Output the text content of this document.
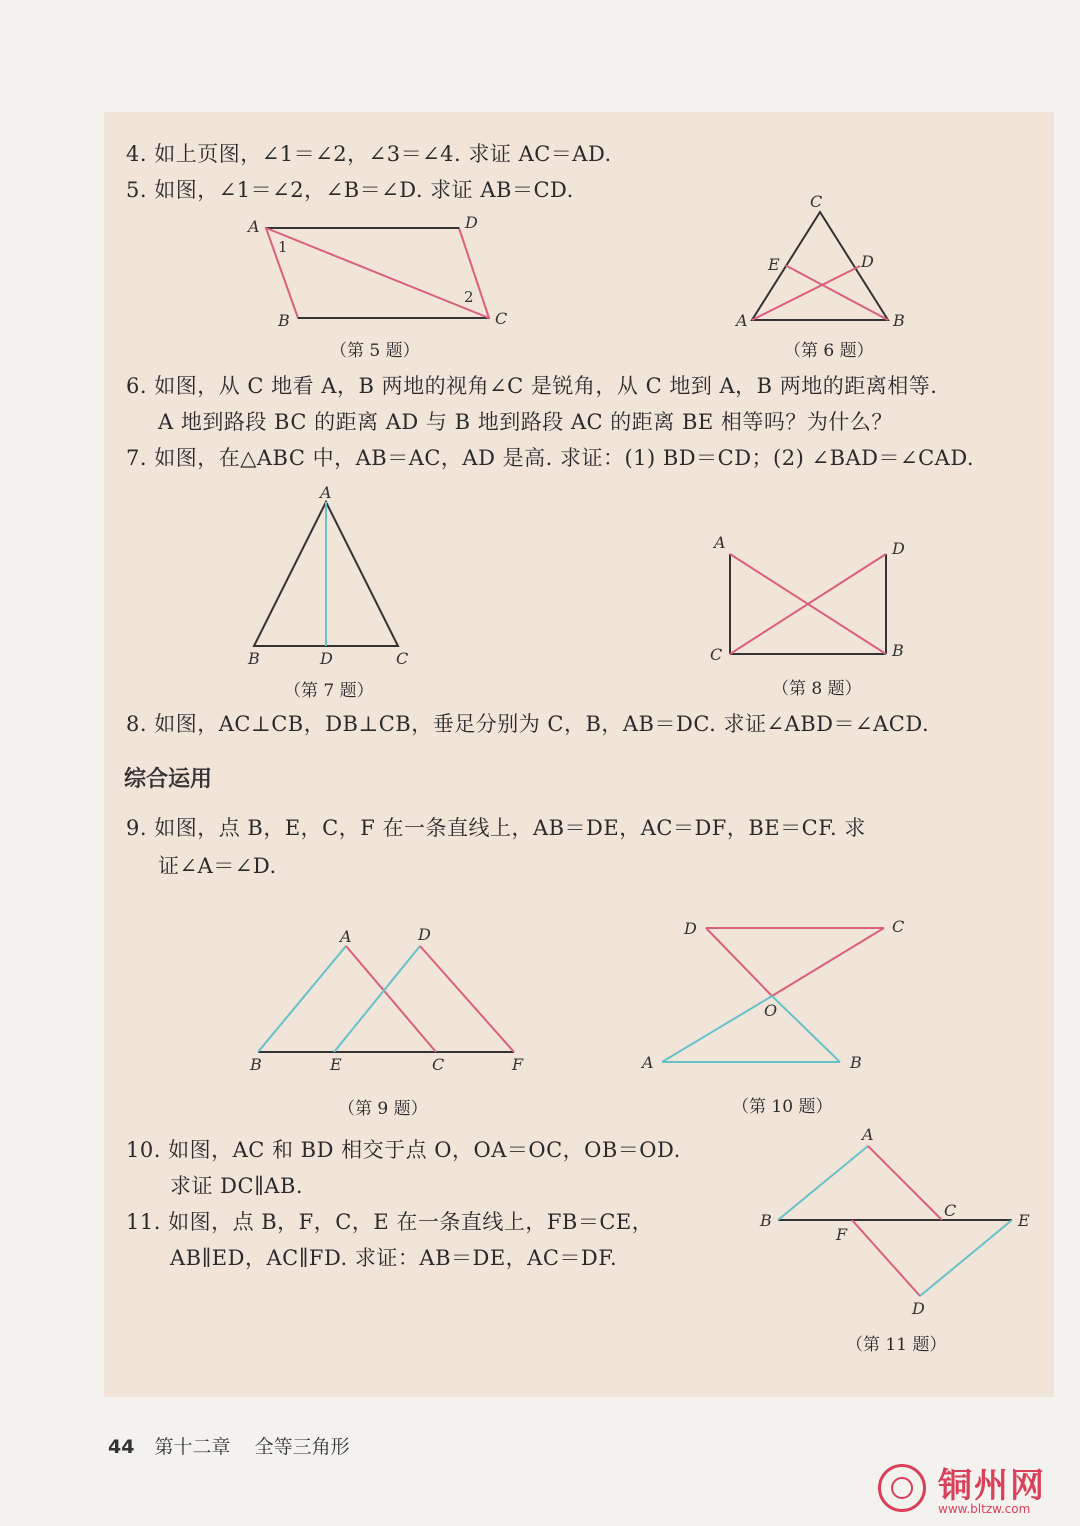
4. 如上页图，∠1＝∠2，∠3＝∠4. 求证 AC＝AD.
5. 如图，∠1＝∠2，∠B＝∠D. 求证 AB＝CD.
A	D
B	C
1
2
（第 5 题）
C
E	D
A	B
（第 6 题）
6. 如图，从 C 地看 A，B 两地的视角∠C 是锐角，从 C 地到 A，B 两地的距离相等.
A 地到路段 BC 的距离 AD 与 B 地到路段 AC 的距离 BE 相等吗？为什么？
7. 如图，在△ABC 中，AB＝AC，AD 是高. 求证：(1) BD＝CD；(2) ∠BAD＝∠CAD.
A
B	D	C
（第 7 题）
A	D
C	B
（第 8 题）
8. 如图，AC⊥CB，DB⊥CB，垂足分别为 C，B，AB＝DC. 求证∠ABD＝∠ACD.
综合运用
9. 如图，点 B，E，C，F 在一条直线上，AB＝DE，AC＝DF，BE＝CF. 求
证∠A＝∠D.
A	D
B	E	C	F
（第 9 题）
D	C
O
A	B
（第 10 题）
10. 如图，AC 和 BD 相交于点 O，OA＝OC，OB＝OD.
求证 DC∥AB.
11. 如图，点 B，F，C，E 在一条直线上，FB＝CE，
AB∥ED，AC∥FD. 求证：AB＝DE，AC＝DF.
A
B
C
E
F
D
（第 11 题）
44 第十二章 全等三角形
铜州网
www.bltzw.com
